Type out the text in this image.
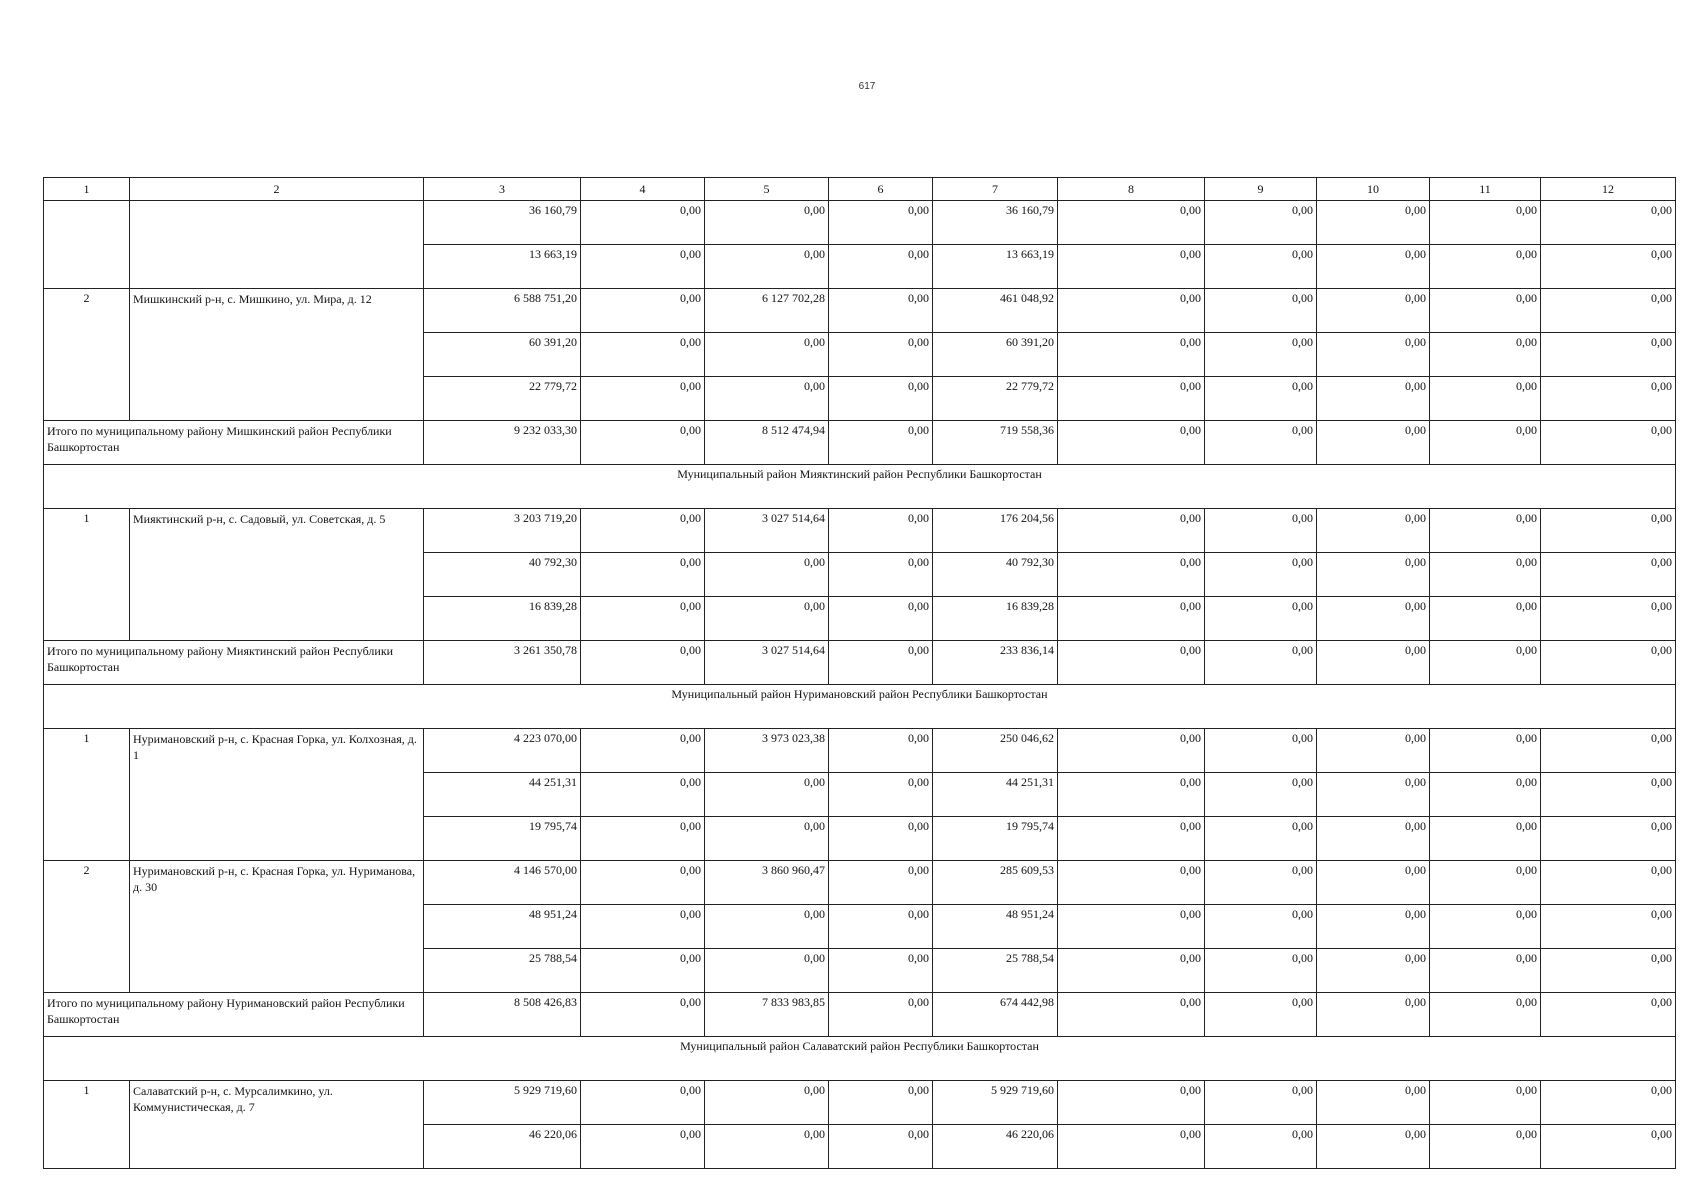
617
1	2	3	4	5	6	7	8	9	10	11	12
		36 160,79	0,00	0,00	0,00	36 160,79	0,00	0,00	0,00	0,00	0,00
		13 663,19	0,00	0,00	0,00	13 663,19	0,00	0,00	0,00	0,00	0,00
2	Мишкинский р-н, с. Мишкино, ул. Мира, д. 12	6 588 751,20	0,00	6 127 702,28	0,00	461 048,92	0,00	0,00	0,00	0,00	0,00
		60 391,20	0,00	0,00	0,00	60 391,20	0,00	0,00	0,00	0,00	0,00
		22 779,72	0,00	0,00	0,00	22 779,72	0,00	0,00	0,00	0,00	0,00
Итого по муниципальному району Мишкинский район Республики Башкортостан		9 232 033,30	0,00	8 512 474,94	0,00	719 558,36	0,00	0,00	0,00	0,00	0,00
Муниципальный район Мияктинский район Республики Башкортостан											
1	Мияктинский р-н, с. Садовый, ул. Советская, д. 5	3 203 719,20	0,00	3 027 514,64	0,00	176 204,56	0,00	0,00	0,00	0,00	0,00
		40 792,30	0,00	0,00	0,00	40 792,30	0,00	0,00	0,00	0,00	0,00
		16 839,28	0,00	0,00	0,00	16 839,28	0,00	0,00	0,00	0,00	0,00
Итого по муниципальному району Мияктинский район Республики Башкортостан		3 261 350,78	0,00	3 027 514,64	0,00	233 836,14	0,00	0,00	0,00	0,00	0,00
Муниципальный район Нуримановский район Республики Башкортостан											
1	Нуримановский р-н, с. Красная Горка, ул. Колхозная, д. 1	4 223 070,00	0,00	3 973 023,38	0,00	250 046,62	0,00	0,00	0,00	0,00	0,00
		44 251,31	0,00	0,00	0,00	44 251,31	0,00	0,00	0,00	0,00	0,00
		19 795,74	0,00	0,00	0,00	19 795,74	0,00	0,00	0,00	0,00	0,00
2	Нуримановский р-н, с. Красная Горка, ул. Нуриманова, д. 30	4 146 570,00	0,00	3 860 960,47	0,00	285 609,53	0,00	0,00	0,00	0,00	0,00
		48 951,24	0,00	0,00	0,00	48 951,24	0,00	0,00	0,00	0,00	0,00
		25 788,54	0,00	0,00	0,00	25 788,54	0,00	0,00	0,00	0,00	0,00
Итого по муниципальному району Нуримановский район Республики Башкортостан		8 508 426,83	0,00	7 833 983,85	0,00	674 442,98	0,00	0,00	0,00	0,00	0,00
Муниципальный район Салаватский район Республики Башкортостан											
1	Салаватский р-н, с. Мурсалимкино, ул. Коммунистическая, д. 7	5 929 719,60	0,00	0,00	0,00	5 929 719,60	0,00	0,00	0,00	0,00	0,00
		46 220,06	0,00	0,00	0,00	46 220,06	0,00	0,00	0,00	0,00	0,00
